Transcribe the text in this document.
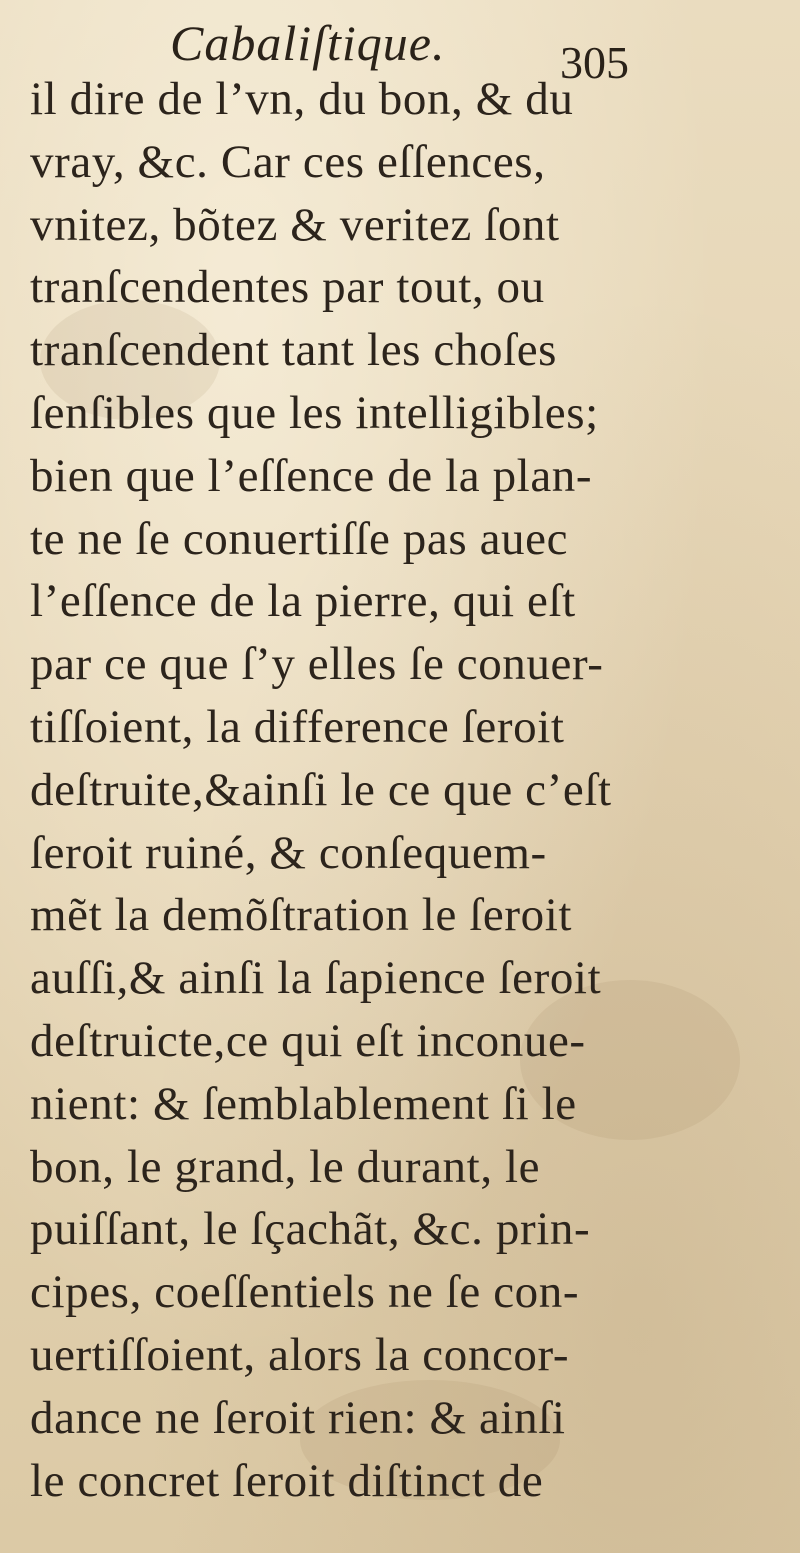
Cabaliſtique. 305
il dire de l’vn, du bon, & du
vray, &c. Car ces eſſences,
vnitez, bõtez & veritez ſont
tranſcendentes par tout, ou
tranſcendent tant les choſes
ſenſibles que les intelligibles;
bien que l’eſſence de la plan-
te ne ſe conuertiſſe pas auec
l’eſſence de la pierre, qui eſt
par ce que ſ’y elles ſe conuer-
tiſſoient, la difference ſeroit
deſtruite,&ainſi le ce que c’eſt
ſeroit ruiné, & conſequem-
mẽt la demõſtration le ſeroit
auſſi,& ainſi la ſapience ſeroit
deſtruicte,ce qui eſt inconue-
nient: & ſemblablement ſi le
bon, le grand, le durant, le
puiſſant, le ſçachãt, &c. prin-
cipes, coeſſentiels ne ſe con-
uertiſſoient, alors la concor-
dance ne ſeroit rien: & ainſi
le concret ſeroit diſtinct de
